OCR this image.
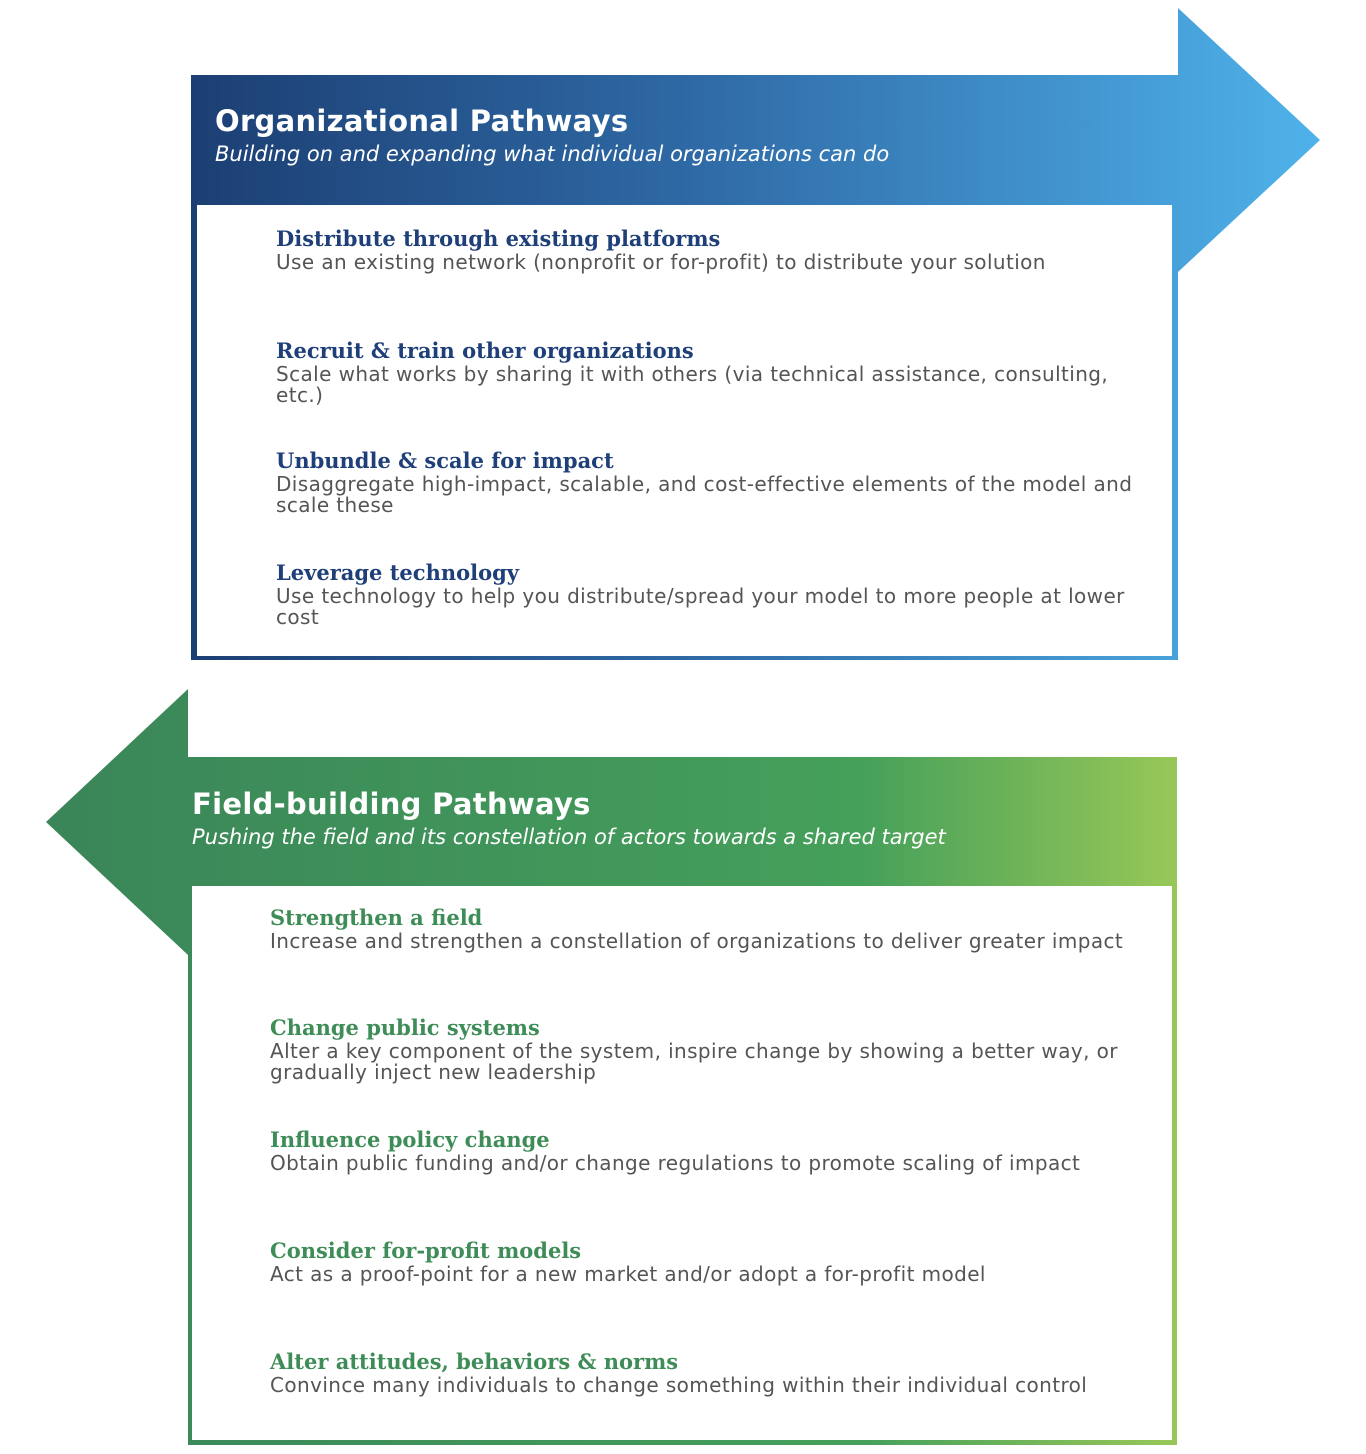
Organizational Pathways
Building on and expanding what individual organizations can do
Distribute through existing platforms
Use an existing network (nonprofit or for-profit) to distribute your solution
Recruit & train other organizations
Scale what works by sharing it with others (via technical assistance, consulting, etc.)
Unbundle & scale for impact
Disaggregate high-impact, scalable, and cost-effective elements of the model and scale these
Leverage technology
Use technology to help you distribute/spread your model to more people at lower cost
Field-building Pathways
Pushing the field and its constellation of actors towards a shared target
Strengthen a field
Increase and strengthen a constellation of organizations to deliver greater impact
Change public systems
Alter a key component of the system, inspire change by showing a better way, or gradually inject new leadership
Influence policy change
Obtain public funding and/or change regulations to promote scaling of impact
Consider for-profit models
Act as a proof-point for a new market and/or adopt a for-profit model
Alter attitudes, behaviors & norms
Convince many individuals to change something within their individual control
